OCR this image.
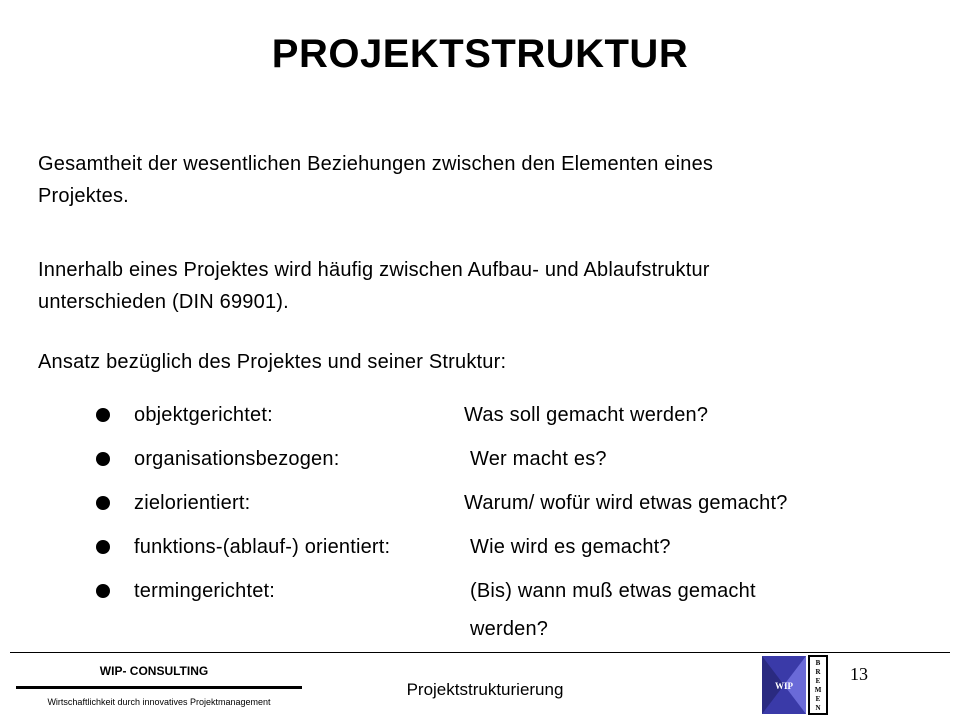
PROJEKTSTRUKTUR
Gesamtheit der wesentlichen Beziehungen zwischen den Elementen eines
Projektes.
Innerhalb eines Projektes wird häufig zwischen Aufbau- und Ablaufstruktur
unterschieden (DIN 69901).
Ansatz bezüglich des Projektes und seiner Struktur:
objektgerichtet:	Was soll gemacht werden?
organisationsbezogen:	Wer macht es?
zielorientiert:	Warum/ wofür wird etwas gemacht?
funktions-(ablauf-) orientiert:	Wie wird es gemacht?
termingerichtet:	(Bis) wann muß etwas gemacht
werden?
WIP- CONSULTING
Wirtschaftlichkeit durch innovatives Projektmanagement
Projektstrukturierung	WIP
B
R
E
M
E
N
13
